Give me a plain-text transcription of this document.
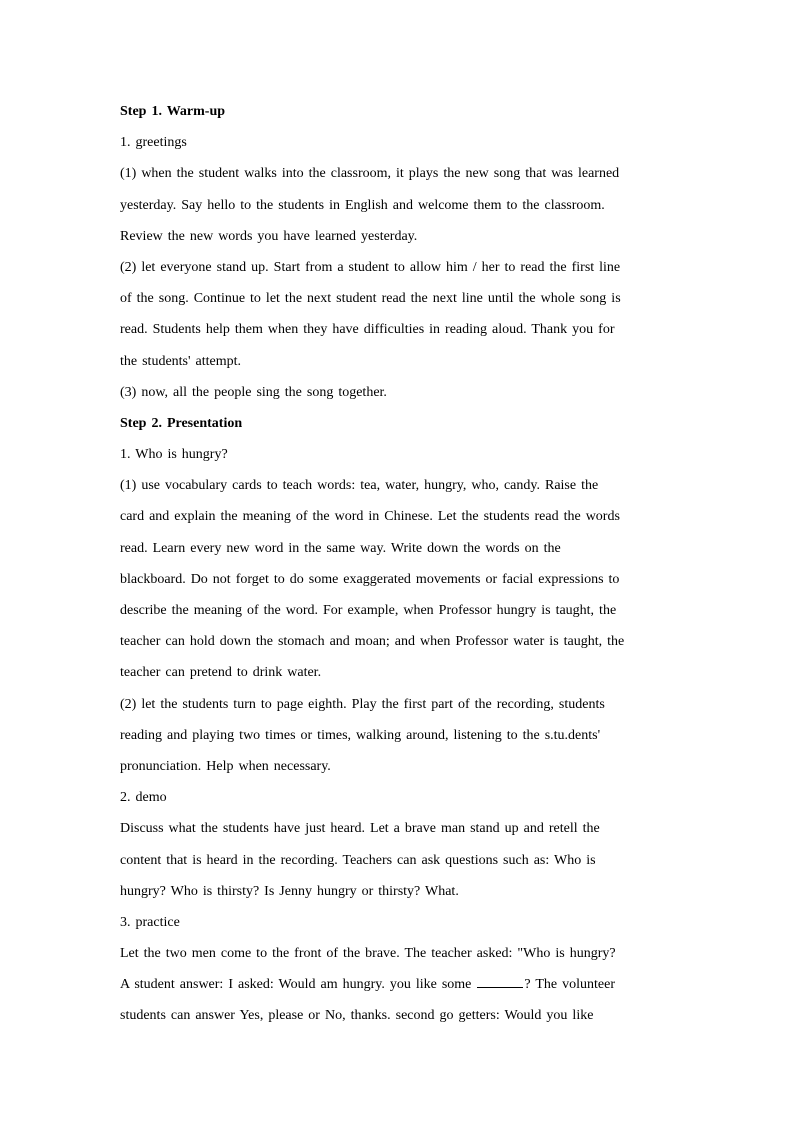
Step 1. Warm-up
1. greetings
(1) when the student walks into the classroom, it plays the new song that was learned
yesterday. Say hello to the students in English and welcome them to the classroom.
Review the new words you have learned yesterday.
(2) let everyone stand up. Start from a student to allow him / her to read the first line
of the song. Continue to let the next student read the next line until the whole song is
read. Students help them when they have difficulties in reading aloud. Thank you for
the students' attempt.
(3) now, all the people sing the song together.
Step 2. Presentation
1. Who is hungry?
(1) use vocabulary cards to teach words: tea, water, hungry, who, candy. Raise the
card and explain the meaning of the word in Chinese. Let the students read the words
read. Learn every new word in the same way. Write down the words on the
blackboard. Do not forget to do some exaggerated movements or facial expressions to
describe the meaning of the word. For example, when Professor hungry is taught, the
teacher can hold down the stomach and moan; and when Professor water is taught, the
teacher can pretend to drink water.
(2) let the students turn to page eighth. Play the first part of the recording, students
reading and playing two times or times, walking around, listening to the s.tu.dents'
pronunciation. Help when necessary.
2. demo
Discuss what the students have just heard. Let a brave man stand up and retell the
content that is heard in the recording. Teachers can ask questions such as: Who is
hungry? Who is thirsty? Is Jenny hungry or thirsty? What.
3. practice
Let the two men come to the front of the brave. The teacher asked: "Who is hungry?
A student answer: I asked: Would am hungry. you like some	? The volunteer
students can answer Yes, please or No, thanks. second go getters: Would you like
